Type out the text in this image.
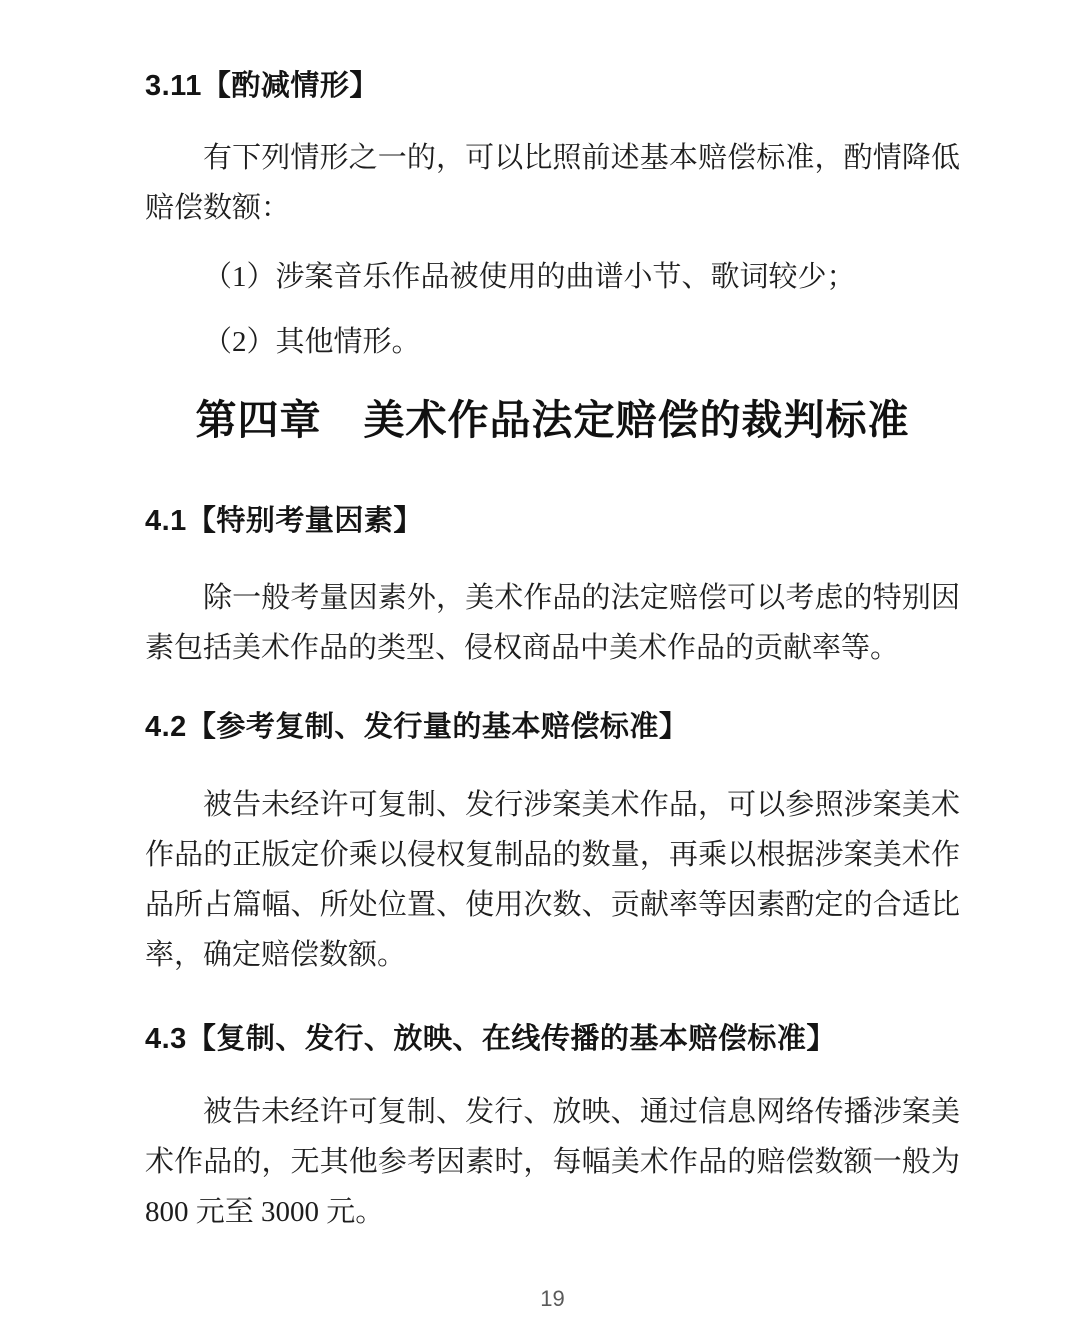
3.11【酌减情形】

有下列情形之一的，可以比照前述基本赔偿标准，酌情降低赔偿数额：

（1）涉案音乐作品被使用的曲谱小节、歌词较少；
（2）其他情形。
第四章　美术作品法定赔偿的裁判标准
4.1【特别考量因素】

除一般考量因素外，美术作品的法定赔偿可以考虑的特别因素包括美术作品的类型、侵权商品中美术作品的贡献率等。

4.2【参考复制、发行量的基本赔偿标准】

被告未经许可复制、发行涉案美术作品，可以参照涉案美术作品的正版定价乘以侵权复制品的数量，再乘以根据涉案美术作品所占篇幅、所处位置、使用次数、贡献率等因素酌定的合适比率，确定赔偿数额。

4.3【复制、发行、放映、在线传播的基本赔偿标准】

被告未经许可复制、发行、放映、通过信息网络传播涉案美术作品的，无其他参考因素时，每幅美术作品的赔偿数额一般为 800 元至 3000 元。

19
